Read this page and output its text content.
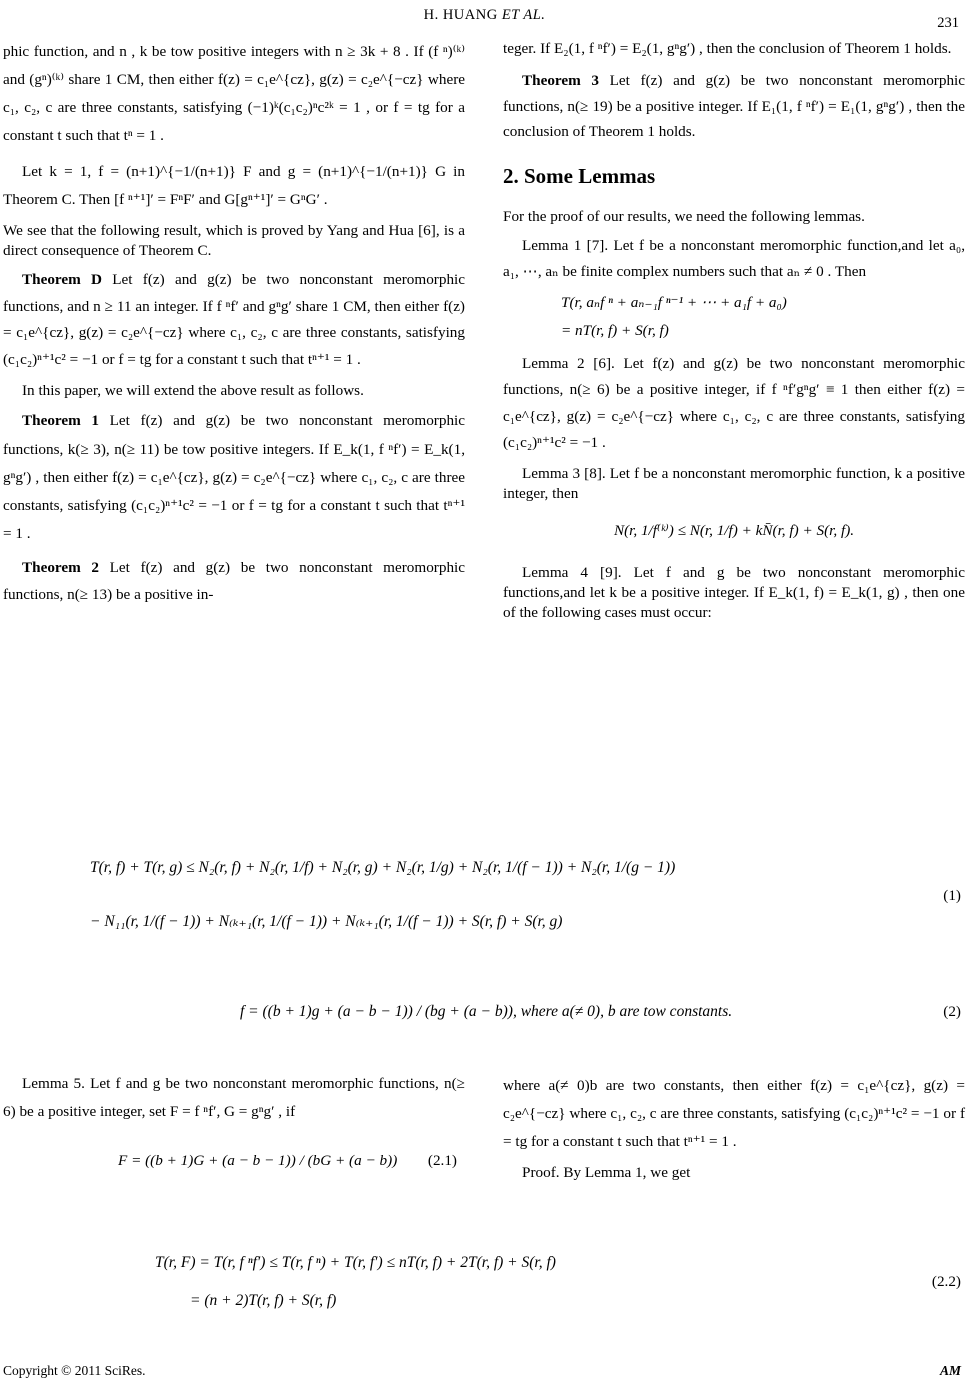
H. HUANG ET AL.	231

phic function, and n , k be tow positive integers with n ≥ 3k + 8 . If (f ⁿ)⁽ᵏ⁾ and (gⁿ)⁽ᵏ⁾ share 1 CM, then either f(z) = c₁e^{cz}, g(z) = c₂e^{−cz} where c₁, c₂, c are three constants, satisfying (−1)ᵏ(c₁c₂)ⁿc²ᵏ = 1 , or f = tg for a constant t such that tⁿ = 1 .

Let k = 1, f = (n+1)^{−1/(n+1)} F and g = (n+1)^{−1/(n+1)} G in Theorem C. Then [f ⁿ⁺¹]′ = FⁿF′ and G[gⁿ⁺¹]′ = GⁿG′ .

We see that the following result, which is proved by Yang and Hua [6], is a direct consequence of Theorem C.

Theorem D Let f(z) and g(z) be two nonconstant meromorphic functions, and n ≥ 11 an integer. If f ⁿf′ and gⁿg′ share 1 CM, then either f(z) = c₁e^{cz}, g(z) = c₂e^{−cz} where c₁, c₂, c are three constants, satisfying (c₁c₂)ⁿ⁺¹c² = −1 or f = tg for a constant t such that tⁿ⁺¹ = 1 .

In this paper, we will extend the above result as follows.

Theorem 1 Let f(z) and g(z) be two nonconstant meromorphic functions, k(≥ 3), n(≥ 11) be tow positive integers. If E_k(1, f ⁿf′) = E_k(1, gⁿg′) , then either f(z) = c₁e^{cz}, g(z) = c₂e^{−cz} where c₁, c₂, c are three constants, satisfying (c₁c₂)ⁿ⁺¹c² = −1 or f = tg for a constant t such that tⁿ⁺¹ = 1 .

Theorem 2 Let f(z) and g(z) be two nonconstant meromorphic functions, n(≥ 13) be a positive in-

teger. If E₂(1, f ⁿf′) = E₂(1, gⁿg′) , then the conclusion of Theorem 1 holds.

Theorem 3 Let f(z) and g(z) be two nonconstant meromorphic functions, n(≥ 19) be a positive integer. If E₁(1, f ⁿf′) = E₁(1, gⁿg′) , then the conclusion of Theorem 1 holds.

2. Some Lemmas

For the proof of our results, we need the following lemmas.

Lemma 1 [7]. Let f be a nonconstant meromorphic function,and let a₀, a₁, ⋯, aₙ be finite complex numbers such that aₙ ≠ 0 . Then

T(r, aₙf ⁿ + aₙ₋₁f ⁿ⁻¹ + ⋯ + a₁f + a₀)
= nT(r, f) + S(r, f)

Lemma 2 [6]. Let f(z) and g(z) be two nonconstant meromorphic functions, n(≥ 6) be a positive integer, if f ⁿf′gⁿg′ ≡ 1 then either f(z) = c₁e^{cz}, g(z) = c₂e^{−cz} where c₁, c₂, c are three constants, satisfying (c₁c₂)ⁿ⁺¹c² = −1 .

Lemma 3 [8]. Let f be a nonconstant meromorphic function, k a positive integer, then

N(r, 1/f⁽ᵏ⁾) ≤ N(r, 1/f) + kN̄(r, f) + S(r, f).

Lemma 4 [9]. Let f and g be two nonconstant meromorphic functions,and let k be a positive integer. If E_k(1, f) = E_k(1, g) , then one of the following cases must occur:

T(r, f) + T(r, g) ≤ N₂(r, f) + N₂(r, 1/f) + N₂(r, g) + N₂(r, 1/g) + N₂(r, 1/(f − 1)) + N₂(r, 1/(g − 1))
− N₁₁(r, 1/(f − 1)) + N₍ₖ₊₁(r, 1/(f − 1)) + N₍ₖ₊₁(r, 1/(f − 1)) + S(r, f) + S(r, g)
(1)
f = ((b + 1)g + (a − b − 1)) / (bg + (a − b)), where a(≠ 0), b are tow constants.	(2)

Lemma 5. Let f and g be two nonconstant meromorphic functions, n(≥ 6) be a positive integer, set F = f ⁿf′, G = gⁿg′ , if

F = ((b + 1)G + (a − b − 1)) / (bG + (a − b)) (2.1)

where a(≠ 0)b are two constants, then either f(z) = c₁e^{cz}, g(z) = c₂e^{−cz} where c₁, c₂, c are three constants, satisfying (c₁c₂)ⁿ⁺¹c² = −1 or f = tg for a constant t such that tⁿ⁺¹ = 1 .

Proof. By Lemma 1, we get

T(r, F) = T(r, f ⁿf′) ≤ T(r, f ⁿ) + T(r, f′) ≤ nT(r, f) + 2T(r, f) + S(r, f)
= (n + 2)T(r, f) + S(r, f)
(2.2)
Copyright © 2011 SciRes.	AM
